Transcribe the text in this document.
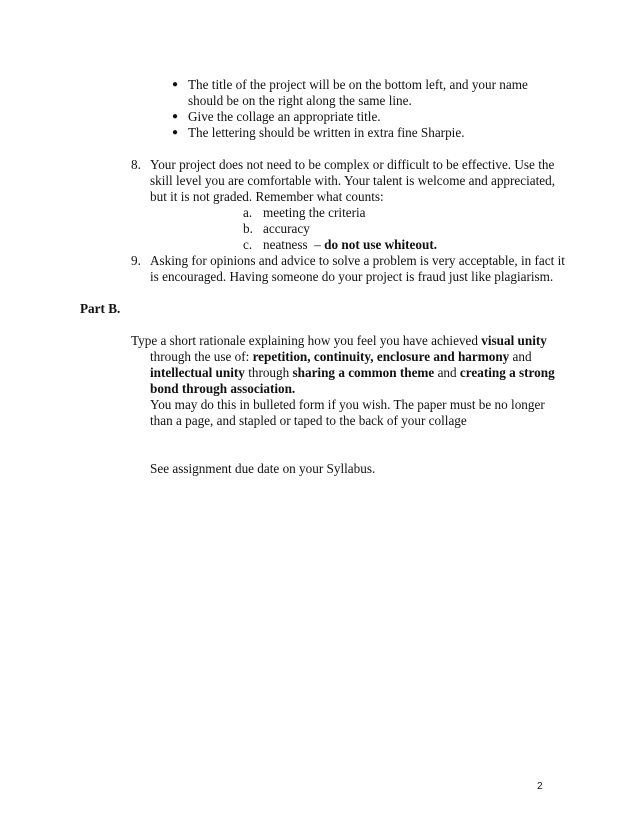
● The title of the project will be on the bottom left, and your name
should be on the right along the same line.
● Give the collage an appropriate title.
● The lettering should be written in extra fine Sharpie.
8. Your project does not need to be complex or difficult to be effective. Use the
skill level you are comfortable with. Your talent is welcome and appreciated,
but it is not graded. Remember what counts:
a. meeting the criteria
b. accuracy
c. neatness – do not use whiteout.
9. Asking for opinions and advice to solve a problem is very acceptable, in fact it
is encouraged. Having someone do your project is fraud just like plagiarism.
Part B.
Type a short rationale explaining how you feel you have achieved visual unity
through the use of: repetition, continuity, enclosure and harmony and
intellectual unity through sharing a common theme and creating a strong
bond through association.
You may do this in bulleted form if you wish. The paper must be no longer
than a page, and stapled or taped to the back of your collage
See assignment due date on your Syllabus.
2
